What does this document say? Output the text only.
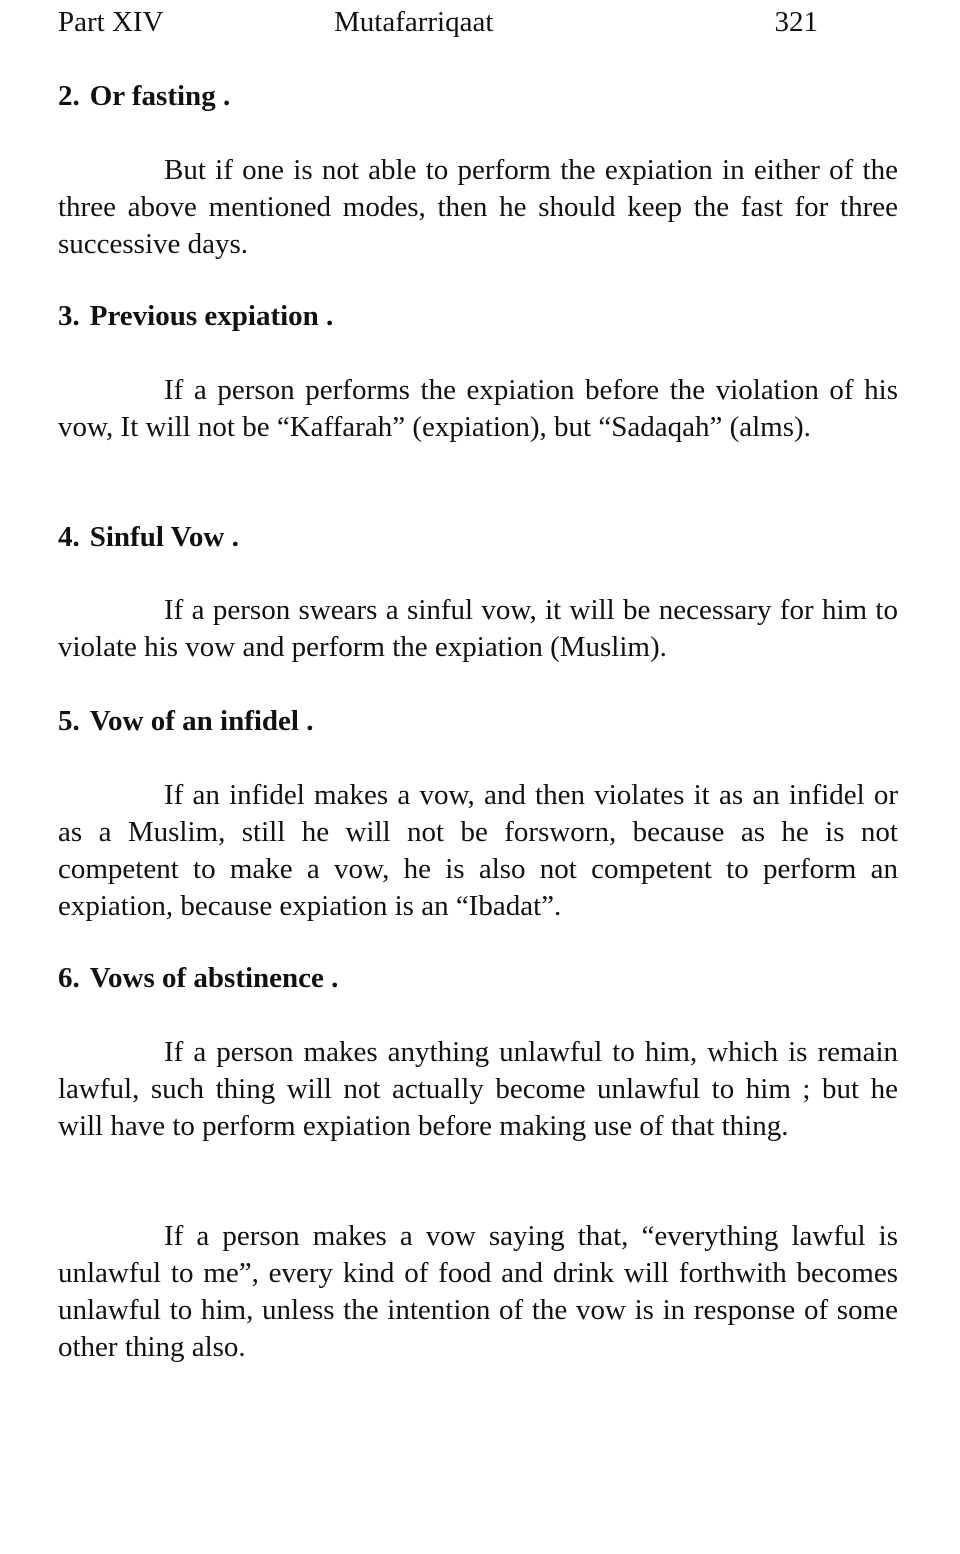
Part XIV	Mutafarriqaat	321
2. Or fasting .

But if one is not able to perform the expiation in either of the three above mentioned modes, then he should keep the fast for three successive days.

3. Previous expiation .

If a person performs the expiation before the violation of his vow, It will not be “Kaffarah” (expiation), but “Sadaqah” (alms).

4. Sinful Vow .

If a person swears a sinful vow, it will be necessary for him to violate his vow and perform the expiation (Muslim).

5. Vow of an infidel .

If an infidel makes a vow, and then violates it as an infidel or as a Muslim, still he will not be forsworn, because as he is not competent to make a vow, he is also not competent to perform an expiation, because expiation is an “Ibadat”.

6. Vows of abstinence .

If a person makes anything unlawful to him, which is remain lawful, such thing will not actually become unlawful to him ; but he will have to perform expiation before making use of that thing.

If a person makes a vow saying that, “everything lawful is unlawful to me”, every kind of food and drink will forthwith becomes unlawful to him, unless the intention of the vow is in response of some other thing also.
